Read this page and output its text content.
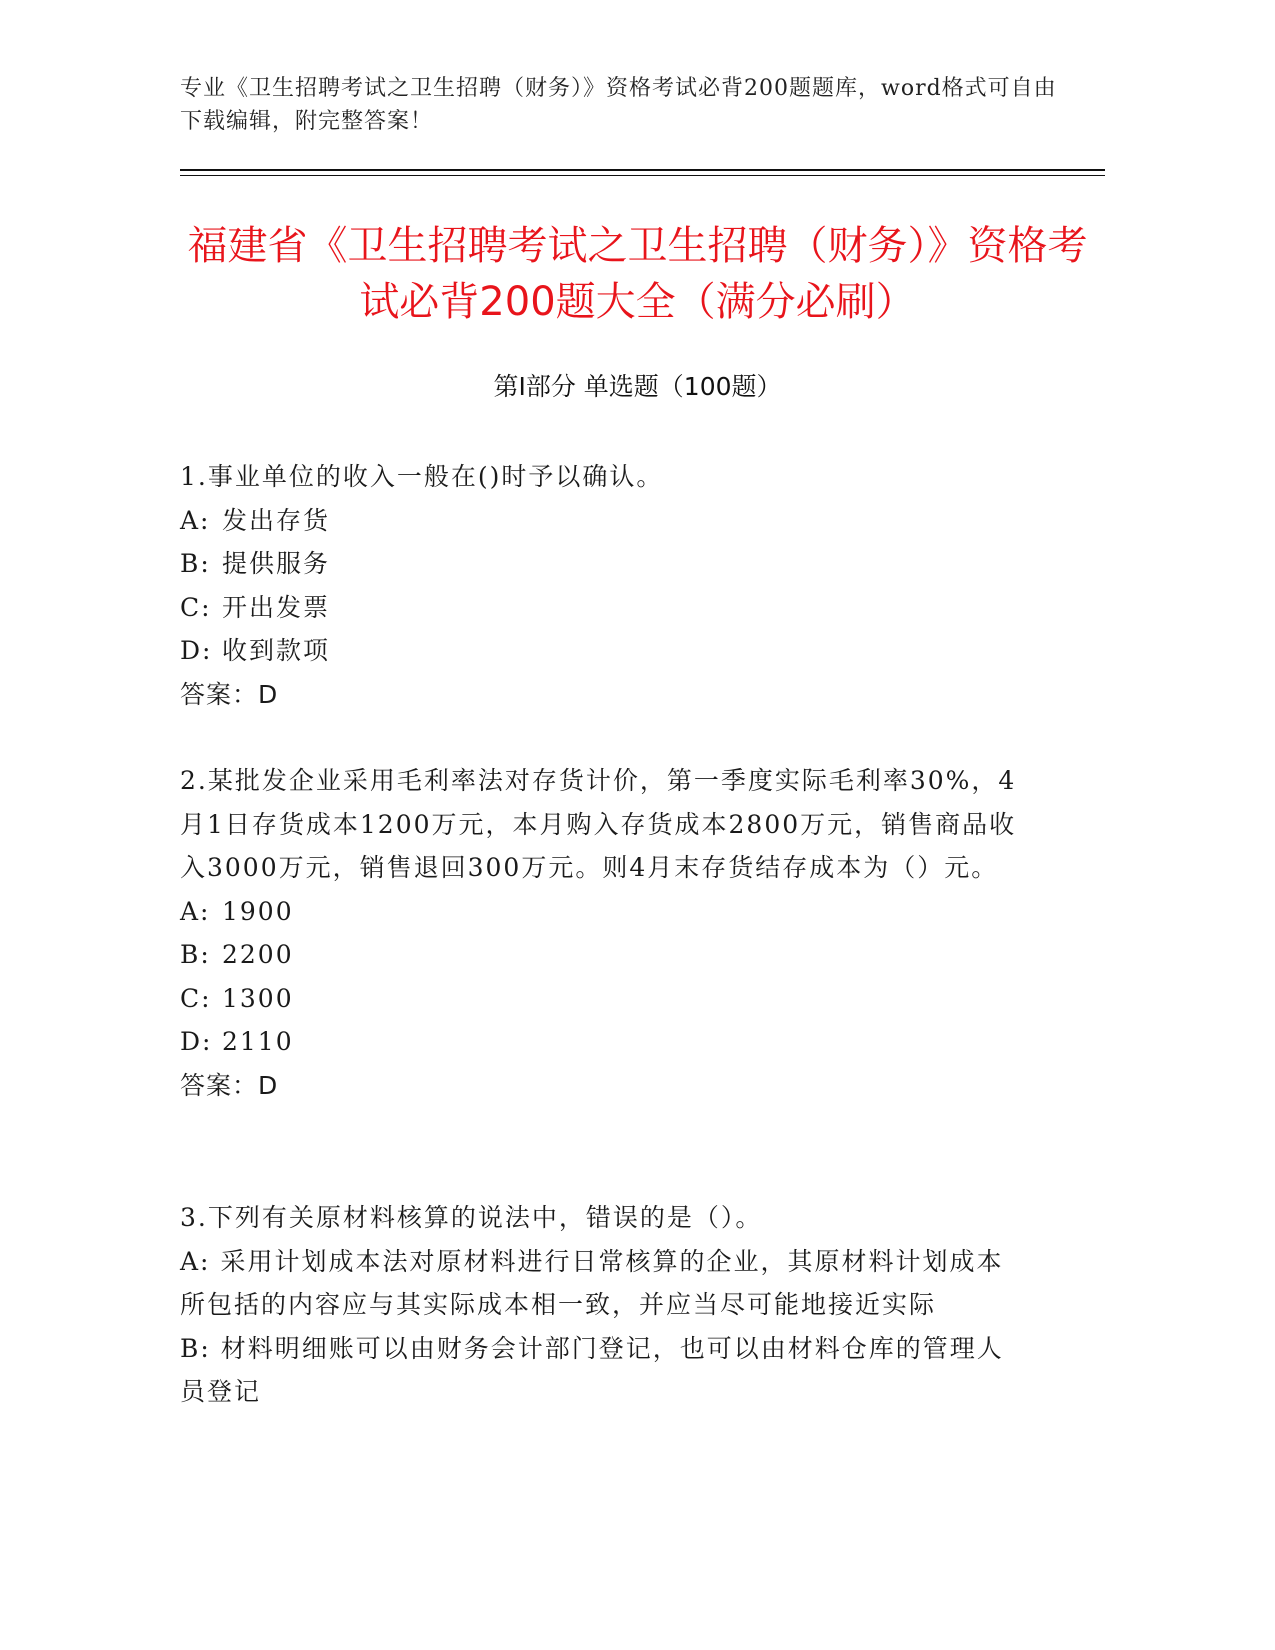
专业《卫生招聘考试之卫生招聘（财务）》资格考试必背200题题库，word格式可自由下载编辑，附完整答案！
福建省《卫生招聘考试之卫生招聘（财务）》资格考试必背200题大全（满分必刷）
第Ⅰ部分 单选题（100题）
1.事业单位的收入一般在()时予以确认。
A: 发出存货
B: 提供服务
C: 开出发票
D: 收到款项
答案：D
2.某批发企业采用毛利率法对存货计价，第一季度实际毛利率30%，4月1日存货成本1200万元，本月购入存货成本2800万元，销售商品收入3000万元，销售退回300万元。则4月末存货结存成本为（）元。
A: 1900
B: 2200
C: 1300
D: 2110
答案：D
3.下列有关原材料核算的说法中，错误的是（）。
A: 采用计划成本法对原材料进行日常核算的企业，其原材料计划成本所包括的内容应与其实际成本相一致，并应当尽可能地接近实际
B: 材料明细账可以由财务会计部门登记，也可以由材料仓库的管理人员登记
